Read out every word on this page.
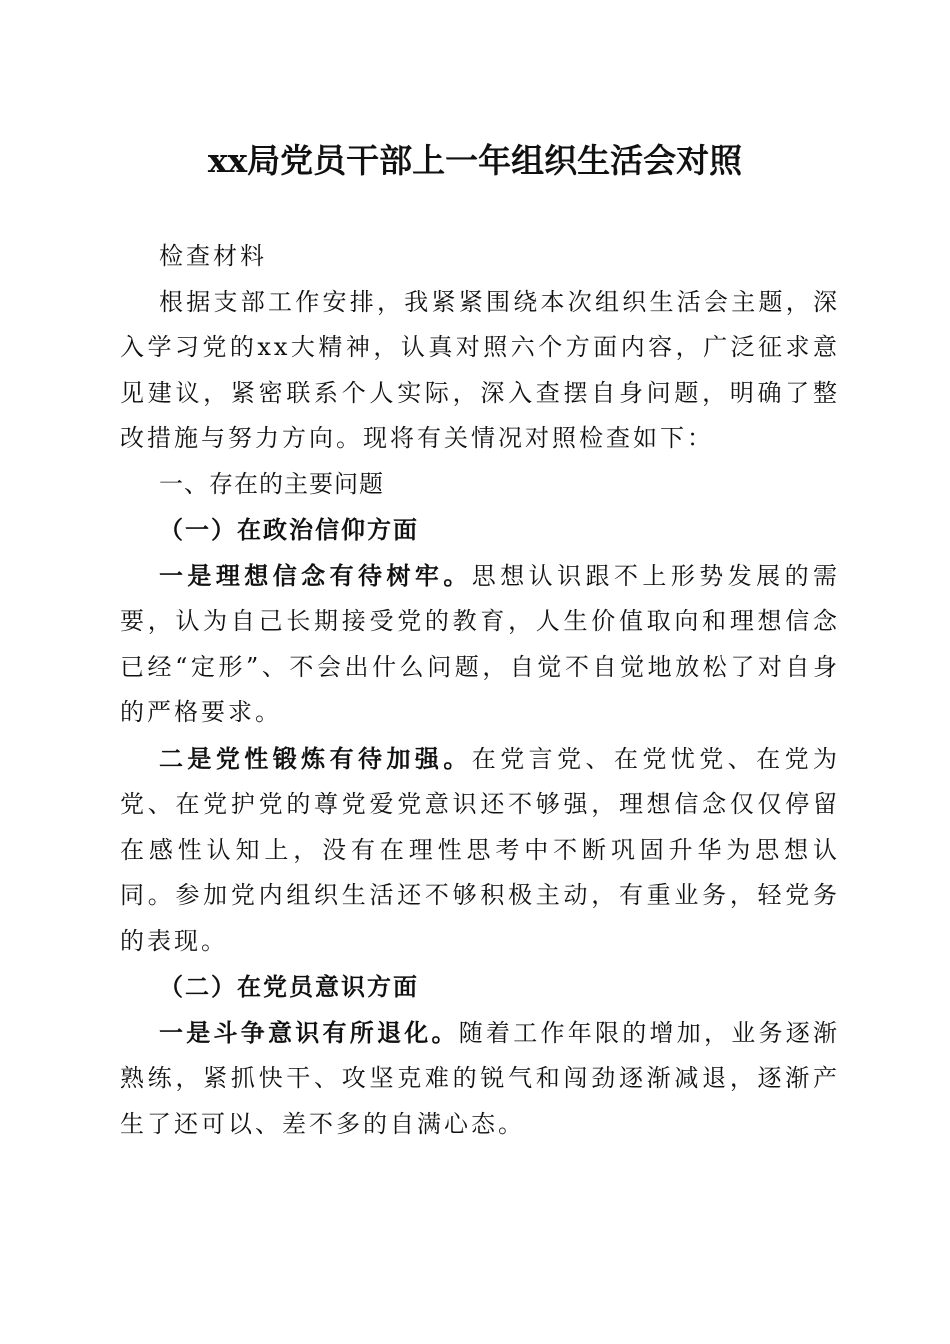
xx局党员干部上一年组织生活会对照

检查材料

根据支部工作安排，我紧紧围绕本次组织生活会主题，深入学习党的xx大精神，认真对照六个方面内容，广泛征求意见建议，紧密联系个人实际，深入查摆自身问题，明确了整改措施与努力方向。现将有关情况对照检查如下：

一、存在的主要问题

（一）在政治信仰方面

一是理想信念有待树牢。思想认识跟不上形势发展的需要，认为自己长期接受党的教育，人生价值取向和理想信念已经“定形”、不会出什么问题，自觉不自觉地放松了对自身的严格要求。

二是党性锻炼有待加强。在党言党、在党忧党、在党为党、在党护党的尊党爱党意识还不够强，理想信念仅仅停留在感性认知上，没有在理性思考中不断巩固升华为思想认同。参加党内组织生活还不够积极主动，有重业务，轻党务的表现。

（二）在党员意识方面

一是斗争意识有所退化。随着工作年限的增加，业务逐渐熟练，紧抓快干、攻坚克难的锐气和闯劲逐渐减退，逐渐产生了还可以、差不多的自满心态。
